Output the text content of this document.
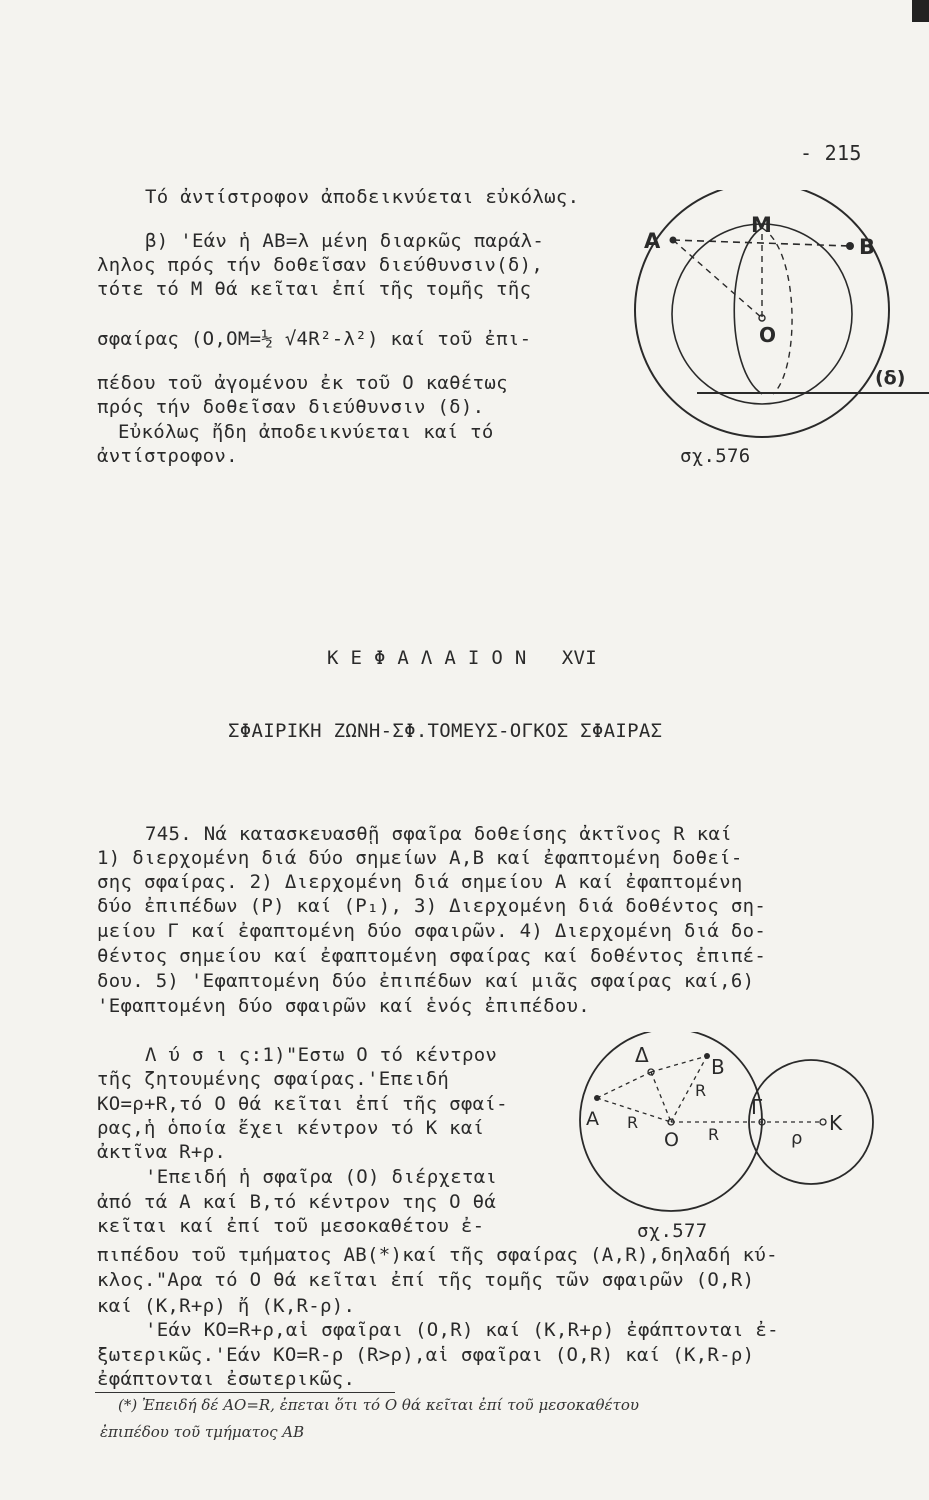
- 215
Τό ἀντίστροφον ἀποδεικνύεται εὐκόλως.
β) 'Εάν ἡ ΑΒ=λ μένη διαρκῶς παράλ-
ληλος πρός τήν δοθεῖσαν διεύθυνσιν(δ),
τότε τό Μ θά κεῖται ἐπί τῆς τομῆς τῆς
σφαίρας (Ο,ΟΜ=½ √4R²-λ²) καί τοῦ ἐπι-
πέδου τοῦ ἀγομένου ἐκ τοῦ Ο καθέτως
πρός τήν δοθεῖσαν διεύθυνσιν (δ).
Εὐκόλως ἤδη ἀποδεικνύεται καί τό
ἀντίστροφον.
A
M
B
O
(δ)
σχ.576
Κ Ε Φ Α Λ Α Ι Ο Ν   XVI
ΣΦΑΙΡΙΚΗ ΖΩΝΗ-ΣΦ.ΤΟΜΕΥΣ-ΟΓΚΟΣ ΣΦΑΙΡΑΣ
745. Νά κατασκευασθῇ σφαῖρα δοθείσης ἀκτῖνος R καί
1) διερχομένη διά δύο σημείων Α,Β καί ἐφαπτομένη δοθεί-
σης σφαίρας. 2) Διερχομένη διά σημείου Α καί ἐφαπτομένη
δύο ἐπιπέδων (P) καί (P₁), 3) Διερχομένη διά δοθέντος ση-
μείου Γ καί ἐφαπτομένη δύο σφαιρῶν. 4) Διερχομένη διά δο-
θέντος σημείου καί ἐφαπτομένη σφαίρας καί δοθέντος ἐπιπέ-
δου. 5) 'Εφαπτομένη δύο ἐπιπέδων καί μιᾶς σφαίρας καί,6)
'Εφαπτομένη δύο σφαιρῶν καί ἑνός ἐπιπέδου.
Λ ύ σ ι ς:1)"Εστω Ο τό κέντρον
τῆς ζητουμένης σφαίρας.'Επειδή
ΚΟ=ρ+R,τό Ο θά κεῖται ἐπί τῆς σφαί-
ρας,ἡ ὁποία ἔχει κέντρον τό Κ καί
ἀκτῖνα R+ρ.
'Επειδή ἡ σφαῖρα (Ο) διέρχεται
ἀπό τά Α καί Β,τό κέντρον της Ο θά
κεῖται καί ἐπί τοῦ μεσοκαθέτου ἐ-
Δ	B
A R
R
R
O
Γ
ρ
K
σχ.577
πιπέδου τοῦ τμήματος ΑΒ(*)καί τῆς σφαίρας (Α,R),δηλαδή κύ-
κλος."Αρα τό Ο θά κεῖται ἐπί τῆς τομῆς τῶν σφαιρῶν (Ο,R)
καί (Κ,R+ρ) ἤ (Κ,R-ρ).
'Εάν ΚΟ=R+ρ,αἱ σφαῖραι (Ο,R) καί (Κ,R+ρ) ἐφάπτονται ἐ-
ξωτερικῶς.'Εάν ΚΟ=R-ρ (R>ρ),αἱ σφαῖραι (Ο,R) καί (Κ,R-ρ)
ἐφάπτονται ἐσωτερικῶς.
(*) Ἐπειδή δέ ΑΟ=R, ἐπεται ὅτι τό Ο θά κεῖται ἐπί τοῦ μεσοκαθέτου
ἐπιπέδου τοῦ τμήματος ΑΒ
